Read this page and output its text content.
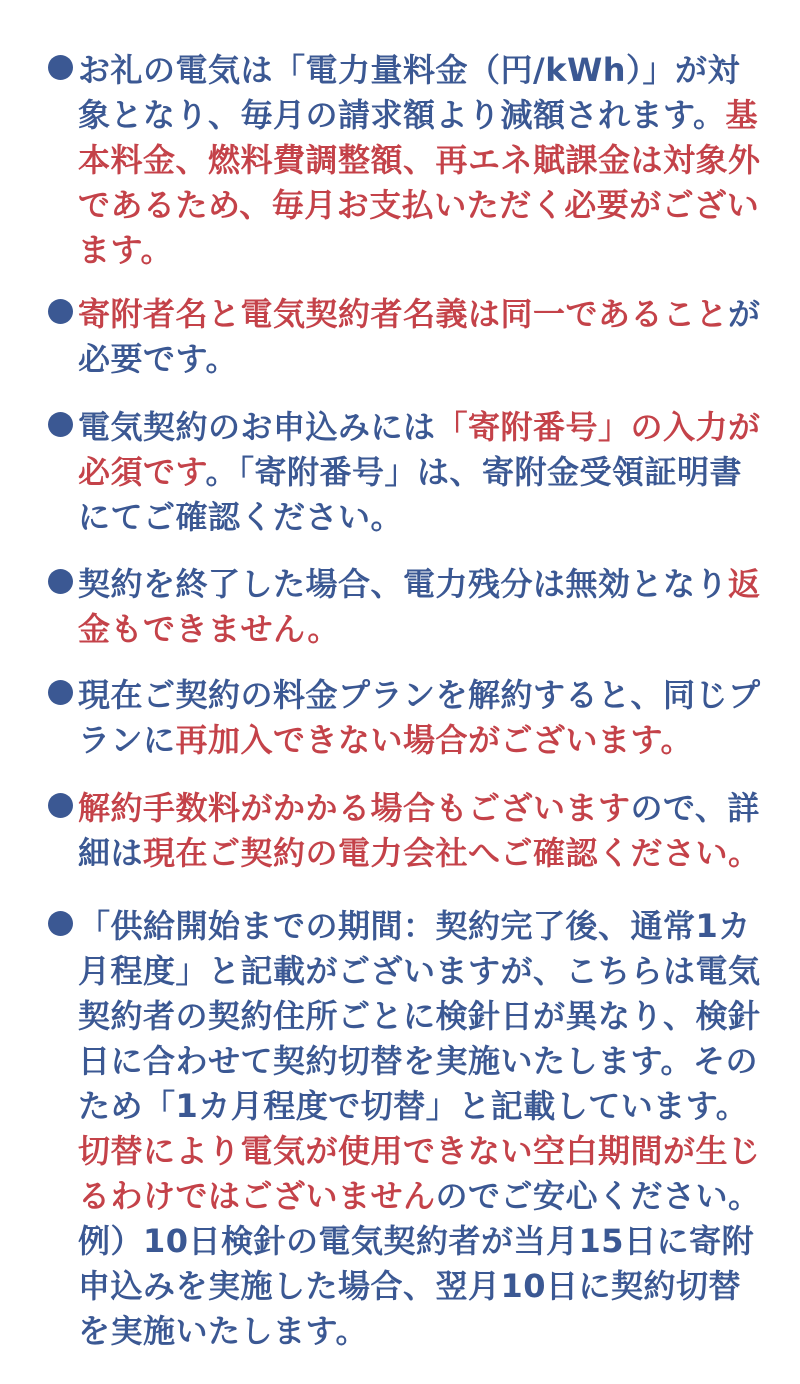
お礼の電気は「電力量料金（円/kWh）」が対象となり、毎月の請求額より減額されます。基本料金、燃料費調整額、再エネ賦課金は対象外であるため、毎月お支払いただく必要がございます。
寄附者名と電気契約者名義は同一であることが必要です。
電気契約のお申込みには「寄附番号」の入力が必須です。「寄附番号」は、寄附金受領証明書にてご確認ください。
契約を終了した場合、電力残分は無効となり返金もできません。
現在ご契約の料金プランを解約すると、同じプランに再加入できない場合がございます。
解約手数料がかかる場合もございますので、詳細は現在ご契約の電力会社へご確認ください。
「供給開始までの期間：契約完了後、通常1カ月程度」と記載がございますが、こちらは電気契約者の契約住所ごとに検針日が異なり、検針日に合わせて契約切替を実施いたします。そのため「1カ月程度で切替」と記載しています。切替により電気が使用できない空白期間が生じるわけではございませんのでご安心ください。
例）10日検針の電気契約者が当月15日に寄附申込みを実施した場合、翌月10日に契約切替を実施いたします。
